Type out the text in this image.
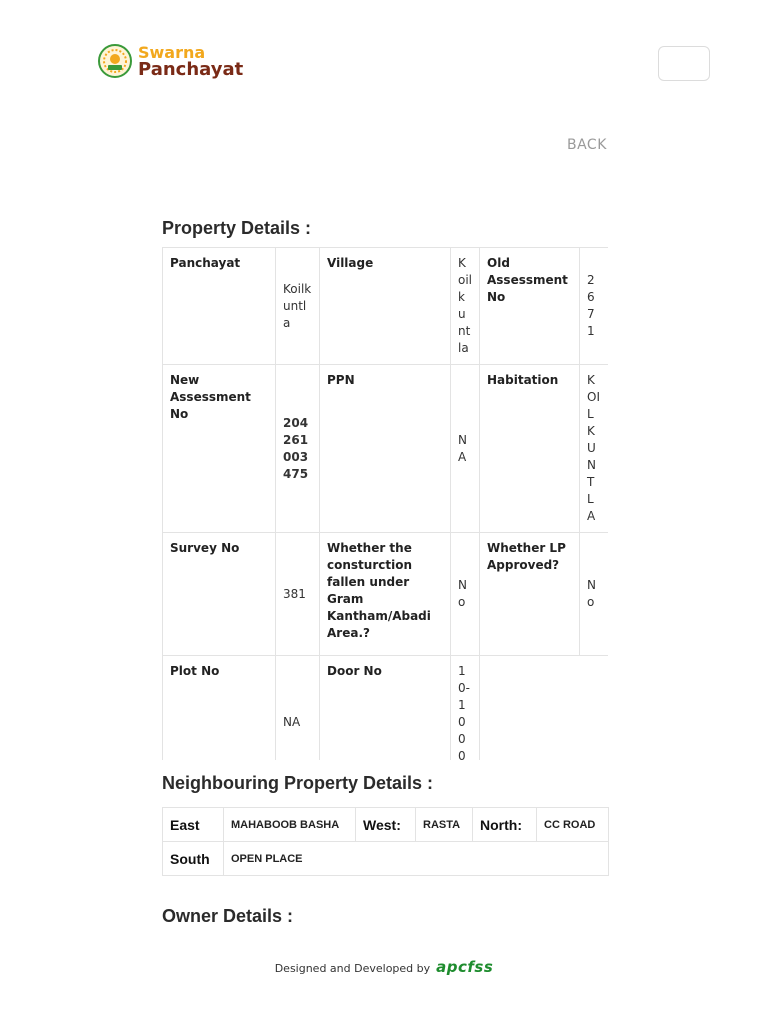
Swarna
Panchayat
BACK
Property Details :
Panchayat	Koilkuntla	Village	Koilkuntla	Old Assessment No	2671
New Assessment No	204261003475	PPN	NA	Habitation	KOILKUNTLA
Survey No	381	Whether the consturction fallen under Gram Kantham/Abadi Area.?	No	Whether LP Approved?	No
Plot No	NA	Door No	10-1000		

Neighbouring Property Details :
East	MAHABOOB BASHA	West:	RASTA	North:	CC ROAD
South	OPEN PLACE				
Owner Details :
Designed and Developed by apcfss
